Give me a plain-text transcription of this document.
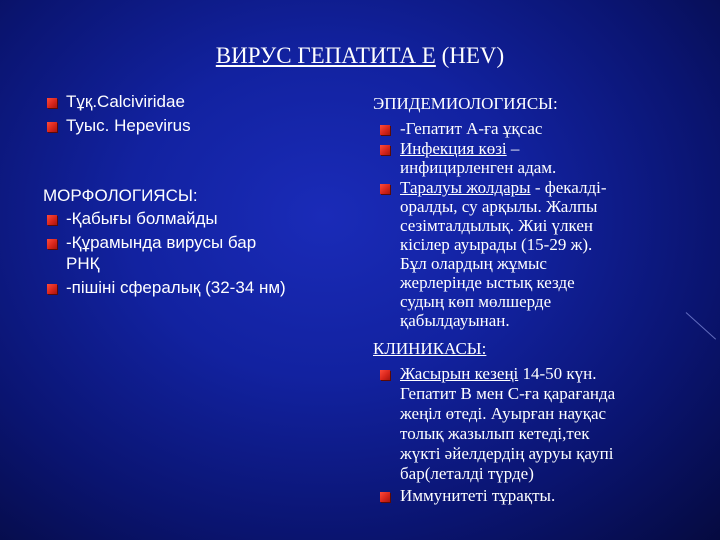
ВИРУС ГЕПАТИТА Е (HEV)
Тұқ.Calciviridae
Туыс. Hepevirus
МОРФОЛОГИЯСЫ:
-Қабығы болмайды
-Құрамында вирусы бар
РНҚ
-пішіні сфералық (32-34 нм)
ЭПИДЕМИОЛОГИЯСЫ:
-Гепатит А-ға ұқсас
Инфекция көзі –
инфицирленген адам.
Таралуы жолдары - фекалді-
оралды, су арқылы. Жалпы
сезімталдылық. Жиі үлкен
кісілер ауырады (15-29 ж).
Бұл олардың жұмыс
жерлерінде ыстық кезде
судың көп мөлшерде
қабылдауынан.
КЛИНИКАСЫ:
Жасырын кезеңі 14-50 күн.
Гепатит В мен С-ға қарағанда
жеңіл өтеді. Ауырған науқас
толық жазылып кетеді,тек
жүкті әйелдердің ауруы қаупі
бар(леталді түрде)
Иммунитеті тұрақты.
